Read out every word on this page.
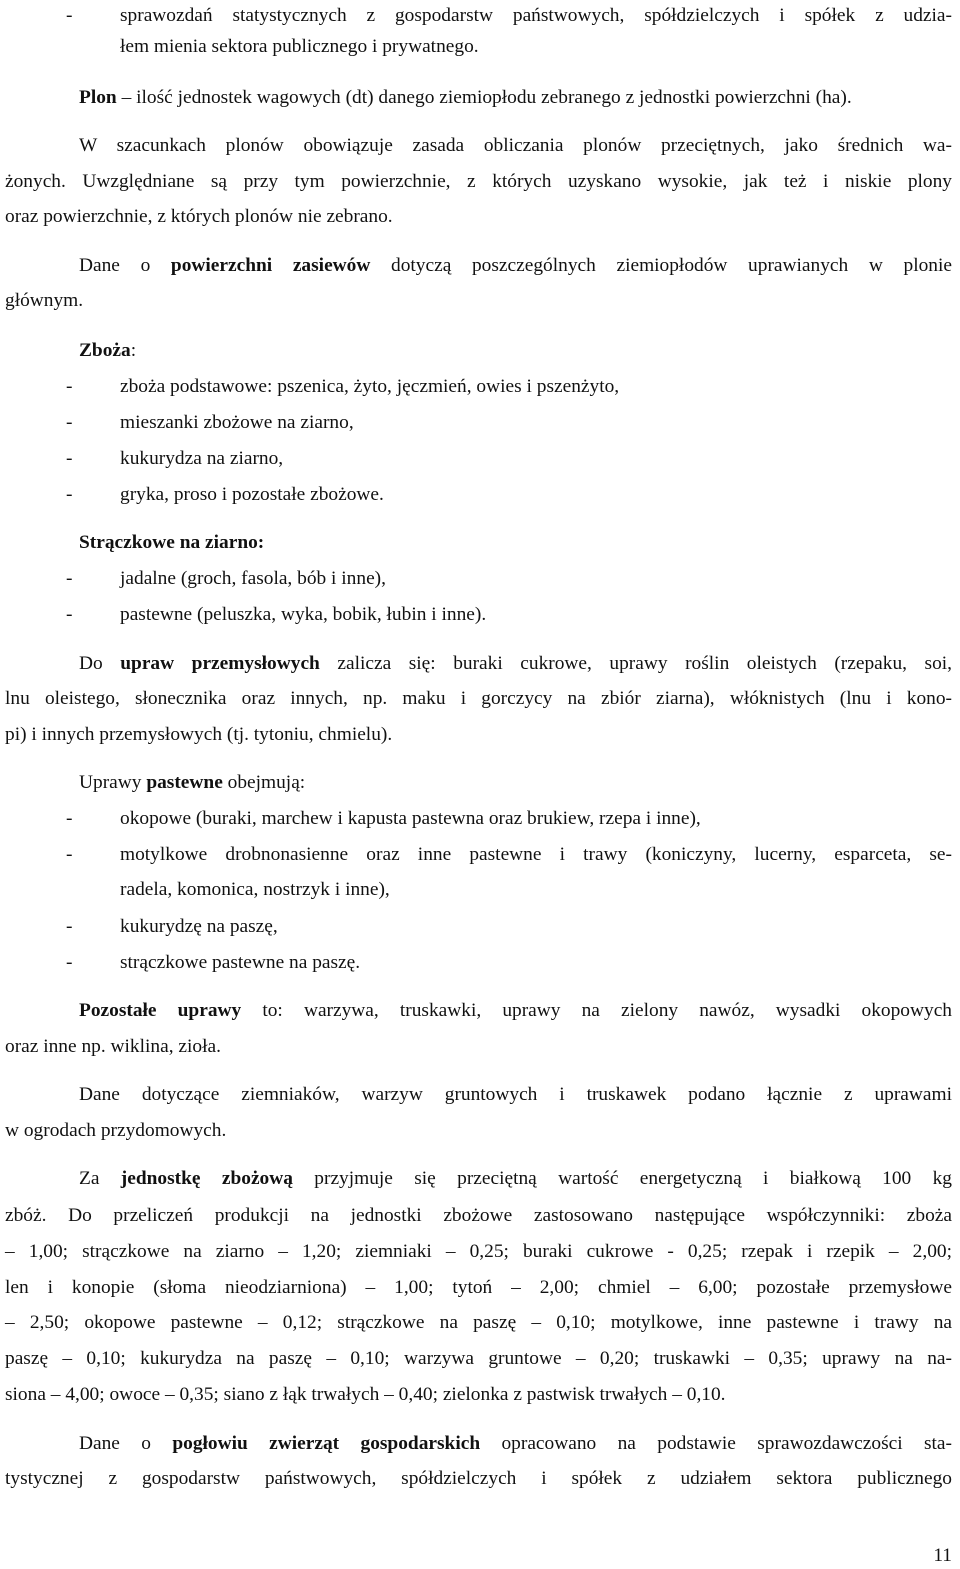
- sprawozdań statystycznych z gospodarstw państwowych, spółdzielczych i spółek z udzia-
łem mienia sektora publicznego i prywatnego.
Plon – ilość jednostek wagowych (dt) danego ziemiopłodu zebranego z jednostki powierzchni (ha).
W szacunkach plonów obowiązuje zasada obliczania plonów przeciętnych, jako średnich wa-
żonych. Uwzględniane są przy tym powierzchnie, z których uzyskano wysokie, jak też i niskie plony
oraz powierzchnie, z których plonów nie zebrano.
Dane o powierzchni zasiewów dotyczą poszczególnych ziemiopłodów uprawianych w plonie
głównym.
Zboża:
- zboża podstawowe: pszenica, żyto, jęczmień, owies i pszenżyto,
- mieszanki zbożowe na ziarno,
- kukurydza na ziarno,
- gryka, proso i pozostałe zbożowe.
Strączkowe na ziarno:
- jadalne (groch, fasola, bób i inne),
- pastewne (peluszka, wyka, bobik, łubin i inne).
Do upraw przemysłowych zalicza się: buraki cukrowe, uprawy roślin oleistych (rzepaku, soi,
lnu oleistego, słonecznika oraz innych, np. maku i gorczycy na zbiór ziarna), włóknistych (lnu i kono-
pi) i innych przemysłowych (tj. tytoniu, chmielu).
Uprawy pastewne obejmują:
- okopowe (buraki, marchew i kapusta pastewna oraz brukiew, rzepa i inne),
- motylkowe drobnonasienne oraz inne pastewne i trawy (koniczyny, lucerny, esparceta, se-
radela, komonica, nostrzyk i inne),
- kukurydzę na paszę,
- strączkowe pastewne na paszę.
Pozostałe uprawy to: warzywa, truskawki, uprawy na zielony nawóz, wysadki okopowych
oraz inne np. wiklina, zioła.
Dane dotyczące ziemniaków, warzyw gruntowych i truskawek podano łącznie z uprawami
w ogrodach przydomowych.
Za jednostkę zbożową przyjmuje się przeciętną wartość energetyczną i białkową 100 kg
zbóż. Do przeliczeń produkcji na jednostki zbożowe zastosowano następujące współczynniki: zboża
– 1,00; strączkowe na ziarno – 1,20; ziemniaki – 0,25; buraki cukrowe - 0,25; rzepak i rzepik – 2,00;
len i konopie (słoma nieodziarniona) – 1,00; tytoń – 2,00; chmiel – 6,00; pozostałe przemysłowe
– 2,50; okopowe pastewne – 0,12; strączkowe na paszę – 0,10; motylkowe, inne pastewne i trawy na
paszę – 0,10; kukurydza na paszę – 0,10; warzywa gruntowe – 0,20; truskawki – 0,35; uprawy na na-
siona – 4,00; owoce – 0,35; siano z łąk trwałych – 0,40; zielonka z pastwisk trwałych – 0,10.
Dane o pogłowiu zwierząt gospodarskich opracowano na podstawie sprawozdawczości sta-
tystycznej z gospodarstw państwowych, spółdzielczych i spółek z udziałem sektora publicznego
11
